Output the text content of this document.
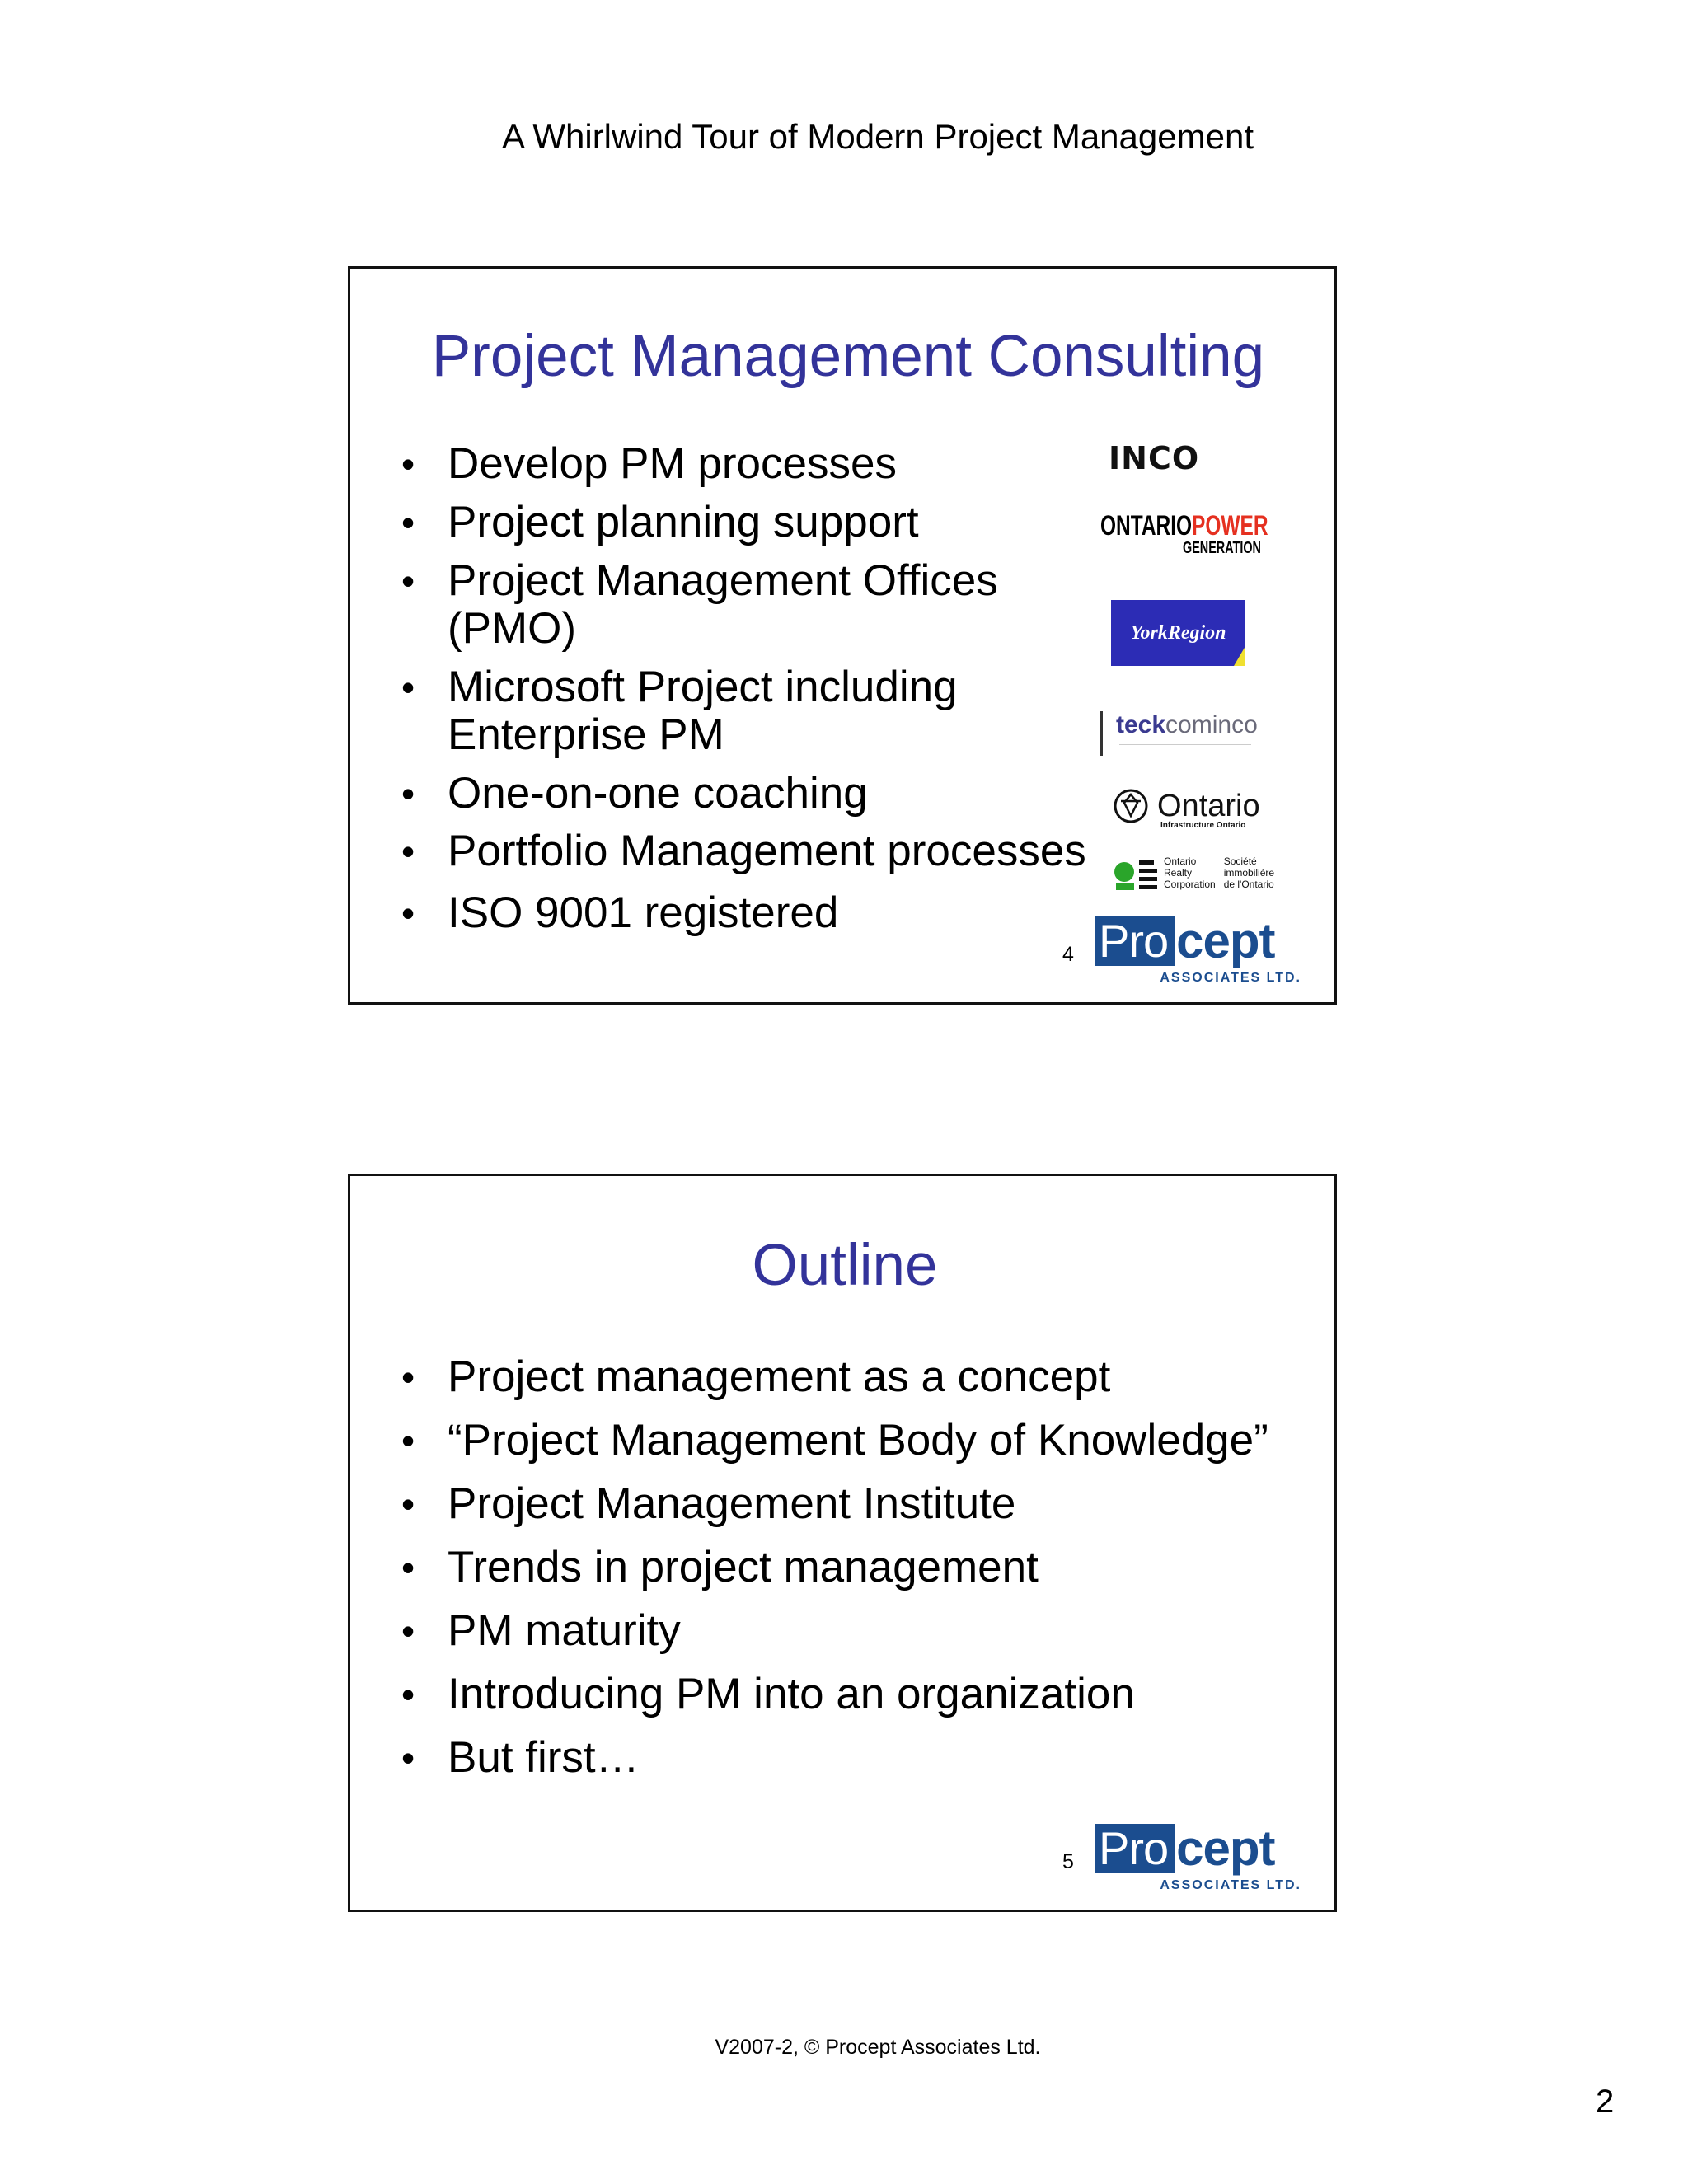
A Whirlwind Tour of Modern Project Management
Project Management Consulting
• Develop PM processes
• Project planning support
• Project Management Offices (PMO)
• Microsoft Project including Enterprise PM
• One-on-one coaching
• Portfolio Management processes
• ISO 9001 registered
INCO
ONTARIOPOWER
GENERATION
YorkRegion
teckcominco
Ontario
Infrastructure Ontario
Ontario
Realty
Corporation
Société
immobilière
de l'Ontario
4 Pro cept
ASSOCIATES LTD.
Outline
• Project management as a concept
• “Project Management Body of Knowledge”
• Project Management Institute
• Trends in project management
• PM maturity
• Introducing PM into an organization
• But first…
5 Pro cept
ASSOCIATES LTD.
V2007-2, © Procept Associates Ltd.
2
